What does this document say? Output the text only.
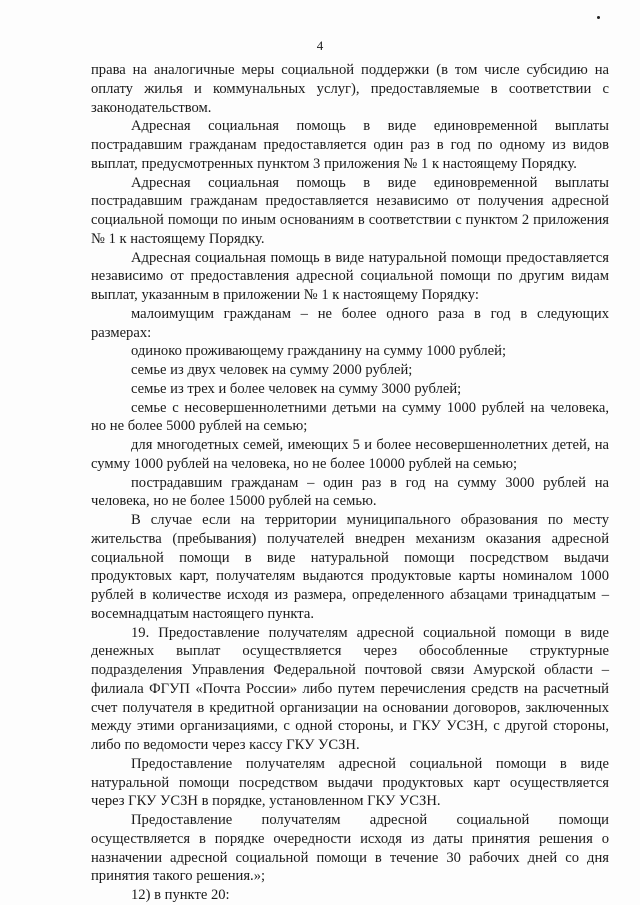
4

права на аналогичные меры социальной поддержки (в том числе субсидию на оплату жилья и коммунальных услуг), предоставляемые в соответствии с законодательством.

Адресная социальная помощь в виде единовременной выплаты пострадавшим гражданам предоставляется один раз в год по одному из видов выплат, предусмотренных пунктом 3 приложения № 1 к настоящему Порядку.

Адресная социальная помощь в виде единовременной выплаты пострадавшим гражданам предоставляется независимо от получения адресной социальной помощи по иным основаниям в соответствии с пунктом 2 приложения № 1 к настоящему Порядку.

Адресная социальная помощь в виде натуральной помощи предоставляется независимо от предоставления адресной социальной помощи по другим видам выплат, указанным в приложении № 1 к настоящему Порядку:

малоимущим гражданам – не более одного раза в год в следующих размерах:

одиноко проживающему гражданину на сумму 1000 рублей;

семье из двух человек на сумму 2000 рублей;

семье из трех и более человек на сумму 3000 рублей;

семье с несовершеннолетними детьми на сумму 1000 рублей на человека, но не более 5000 рублей на семью;

для многодетных семей, имеющих 5 и более несовершеннолетних детей, на сумму 1000 рублей на человека, но не более 10000 рублей на семью;

пострадавшим гражданам – один раз в год на сумму 3000 рублей на человека, но не более 15000 рублей на семью.

В случае если на территории муниципального образования по месту жительства (пребывания) получателей внедрен механизм оказания адресной социальной помощи в виде натуральной помощи посредством выдачи продуктовых карт, получателям выдаются продуктовые карты номиналом 1000 рублей в количестве исходя из размера, определенного абзацами тринадцатым – восемнадцатым настоящего пункта.

19. Предоставление получателям адресной социальной помощи в виде денежных выплат осуществляется через обособленные структурные подразделения Управления Федеральной почтовой связи Амурской области – филиала ФГУП «Почта России» либо путем перечисления средств на расчетный счет получателя в кредитной организации на основании договоров, заключенных между этими организациями, с одной стороны, и ГКУ УСЗН, с другой стороны, либо по ведомости через кассу ГКУ УСЗН.

Предоставление получателям адресной социальной помощи в виде натуральной помощи посредством выдачи продуктовых карт осуществляется через ГКУ УСЗН в порядке, установленном ГКУ УСЗН.

Предоставление получателям адресной социальной помощи осуществляется в порядке очередности исходя из даты принятия решения о назначении адресной социальной помощи в течение 30 рабочих дней со дня принятия такого решения.»;

12) в пункте 20:
